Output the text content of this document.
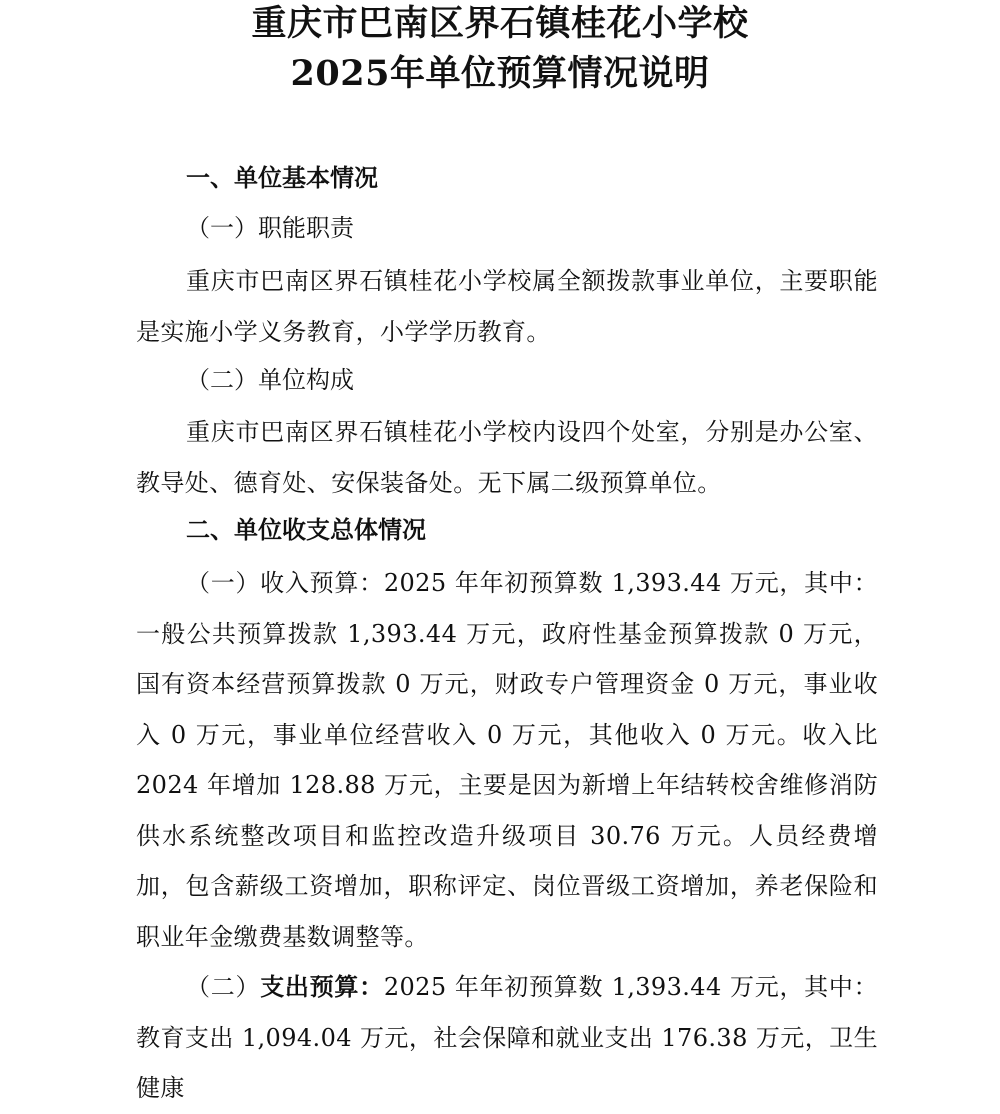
重庆市巴南区界石镇桂花小学校
2025年单位预算情况说明
一、单位基本情况
（一）职能职责
重庆市巴南区界石镇桂花小学校属全额拨款事业单位，主要职能是实施小学义务教育，小学学历教育。
（二）单位构成
重庆市巴南区界石镇桂花小学校内设四个处室，分别是办公室、教导处、德育处、安保装备处。无下属二级预算单位。
二、单位收支总体情况
（一）收入预算：2025 年年初预算数 1,393.44 万元，其中：一般公共预算拨款 1,393.44 万元，政府性基金预算拨款 0 万元，国有资本经营预算拨款 0 万元，财政专户管理资金 0 万元，事业收入 0 万元，事业单位经营收入 0 万元，其他收入 0 万元。收入比 2024 年增加 128.88 万元，主要是因为新增上年结转校舍维修消防供水系统整改项目和监控改造升级项目 30.76 万元。人员经费增加，包含薪级工资增加，职称评定、岗位晋级工资增加，养老保险和职业年金缴费基数调整等。
（二）支出预算：2025 年年初预算数 1,393.44 万元，其中：教育支出 1,094.04 万元，社会保障和就业支出 176.38 万元，卫生健康
